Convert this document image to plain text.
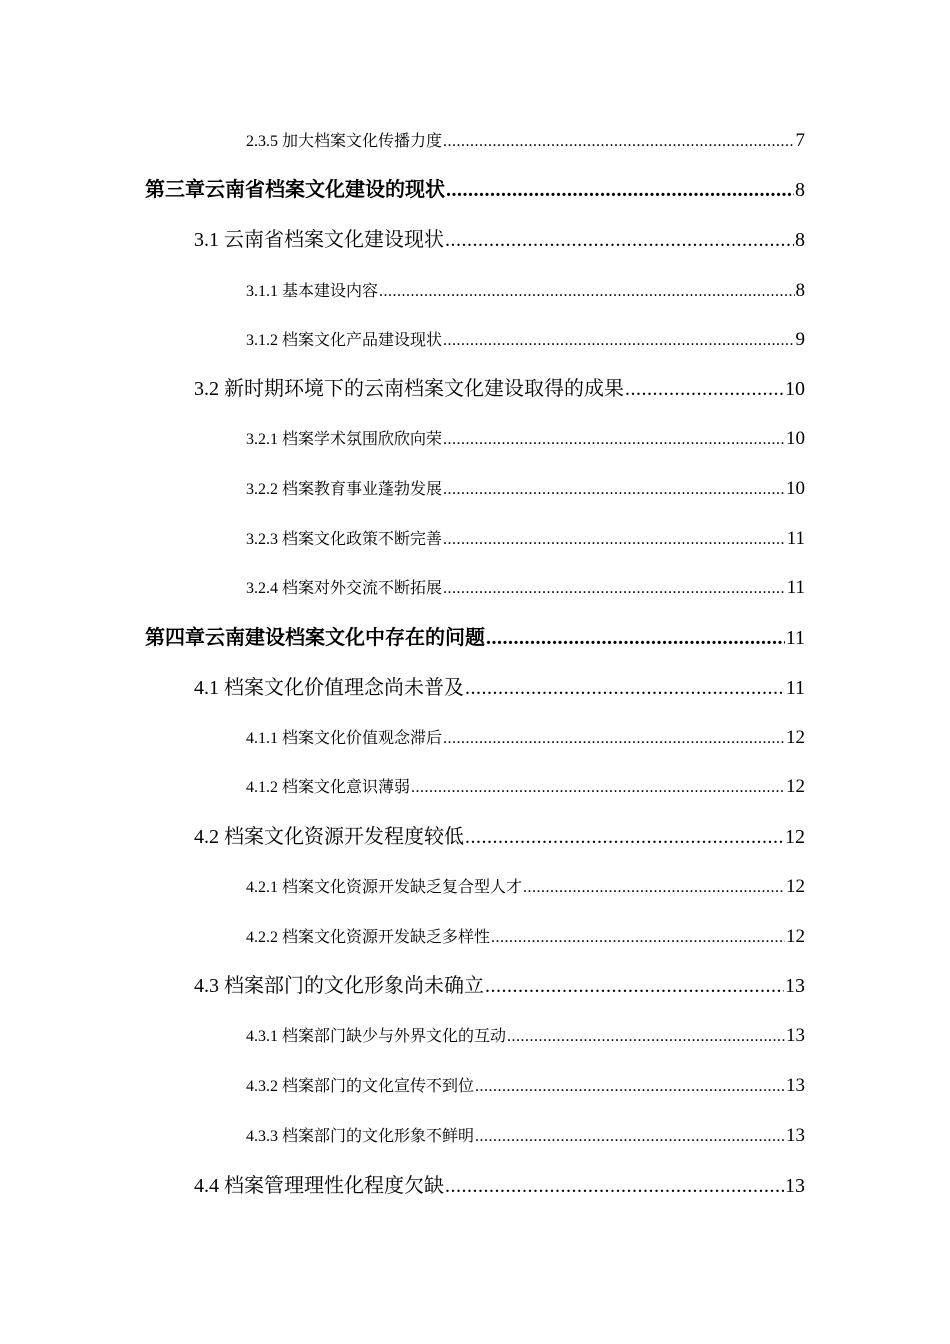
2.3.5 加大档案文化传播力度 .....	7
第三章云南省档案文化建设的现状 .....	8
3.1 云南省档案文化建设现状 .....	8
3.1.1 基本建设内容 .....	8
3.1.2 档案文化产品建设现状 .....	9
3.2 新时期环境下的云南档案文化建设取得的成果 .....	10
3.2.1 档案学术氛围欣欣向荣 .....	10
3.2.2 档案教育事业蓬勃发展 .....	10
3.2.3 档案文化政策不断完善 .....	11
3.2.4 档案对外交流不断拓展 .....	11
第四章云南建设档案文化中存在的问题 .....	11
4.1 档案文化价值理念尚未普及 .....	11
4.1.1 档案文化价值观念滞后 .....	12
4.1.2 档案文化意识薄弱 .....	12
4.2 档案文化资源开发程度较低 .....	12
4.2.1 档案文化资源开发缺乏复合型人才 .....	12
4.2.2 档案文化资源开发缺乏多样性 .....	12
4.3 档案部门的文化形象尚未确立 .....	13
4.3.1 档案部门缺少与外界文化的互动 .....	13
4.3.2 档案部门的文化宣传不到位 .....	13
4.3.3 档案部门的文化形象不鲜明 .....	13
4.4 档案管理理性化程度欠缺 .....	13
